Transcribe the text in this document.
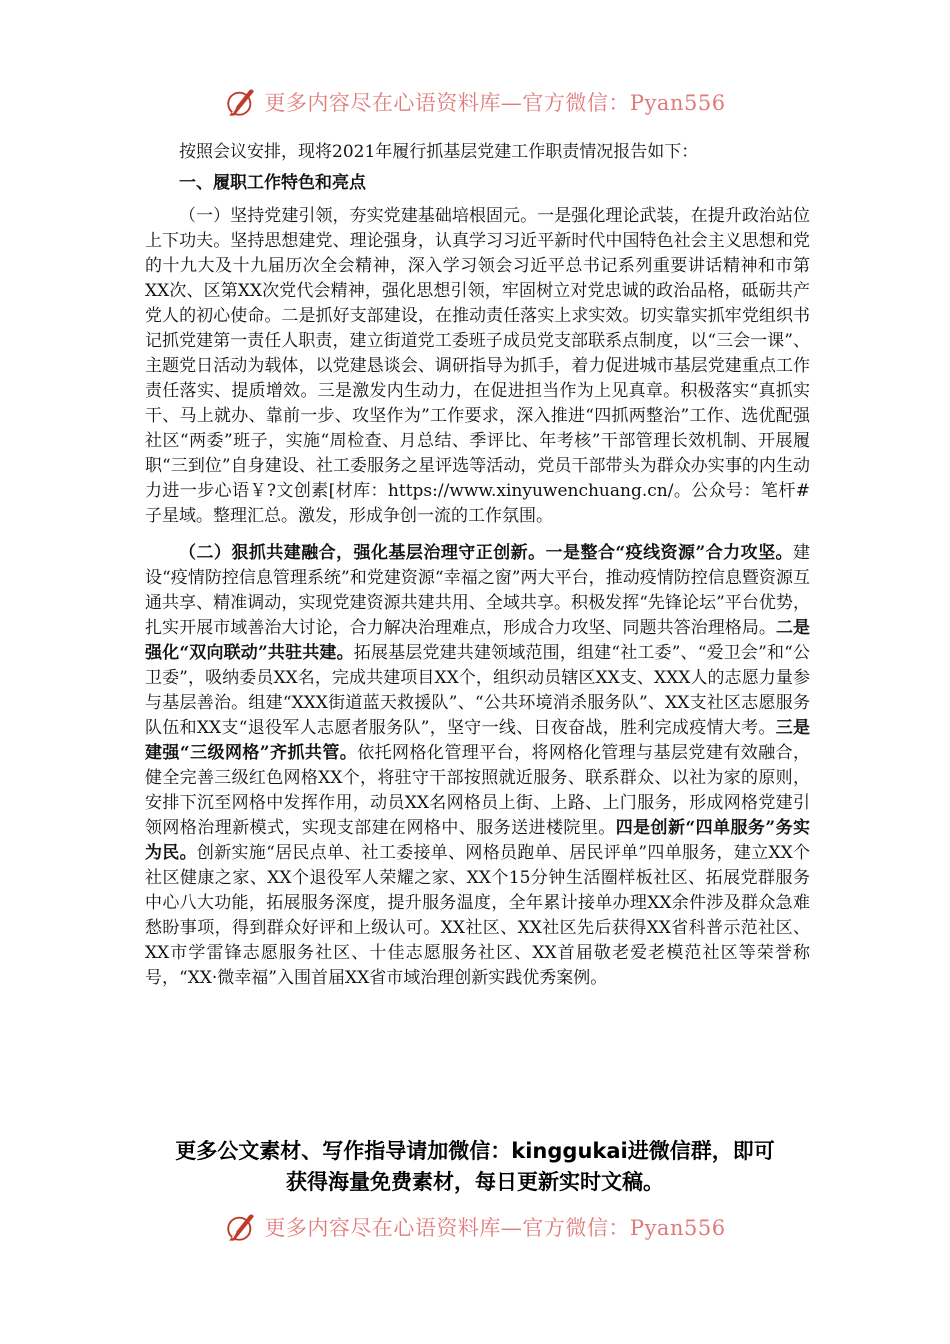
更多内容尽在心语资料库—官方微信：Pyan556

按照会议安排，现将2021年履行抓基层党建工作职责情况报告如下：

一、履职工作特色和亮点

（一）坚持党建引领，夯实党建基础培根固元。一是强化理论武装，在提升政治站位上下功夫。坚持思想建党、理论强身，认真学习习近平新时代中国特色社会主义思想和党的十九大及十九届历次全会精神，深入学习领会习近平总书记系列重要讲话精神和市第XX次、区第XX次党代会精神，强化思想引领，牢固树立对党忠诚的政治品格，砥砺共产党人的初心使命。二是抓好支部建设，在推动责任落实上求实效。切实靠实抓牢党组织书记抓党建第一责任人职责，建立街道党工委班子成员党支部联系点制度，以“三会一课”、主题党日活动为载体，以党建恳谈会、调研指导为抓手，着力促进城市基层党建重点工作责任落实、提质增效。三是激发内生动力，在促进担当作为上见真章。积极落实“真抓实干、马上就办、靠前一步、攻坚作为”工作要求，深入推进“四抓两整治”工作、选优配强社区“两委”班子，实施“周检查、月总结、季评比、年考核”干部管理长效机制、开展履职“三到位”自身建设、社工委服务之星评选等活动，党员干部带头为群众办实事的内生动力进一步心语￥?文创素[材库：https://www.xinyuwenchuang.cn/。公众号：笔杆#子星域。整理汇总。激发，形成争创一流的工作氛围。

（二）狠抓共建融合，强化基层治理守正创新。一是整合“疫线资源”合力攻坚。建设“疫情防控信息管理系统”和党建资源“幸福之窗”两大平台，推动疫情防控信息暨资源互通共享、精准调动，实现党建资源共建共用、全域共享。积极发挥“先锋论坛”平台优势，扎实开展市域善治大讨论，合力解决治理难点，形成合力攻坚、同题共答治理格局。二是强化“双向联动”共驻共建。拓展基层党建共建领域范围，组建“社工委”、“爱卫会”和“公卫委”，吸纳委员XX名，完成共建项目XX个，组织动员辖区XX支、XXX人的志愿力量参与基层善治。组建“XXX街道蓝天救援队”、“公共环境消杀服务队”、XX支社区志愿服务队伍和XX支“退役军人志愿者服务队”，坚守一线、日夜奋战，胜利完成疫情大考。三是建强“三级网格”齐抓共管。依托网格化管理平台，将网格化管理与基层党建有效融合，健全完善三级红色网格XX个，将驻守干部按照就近服务、联系群众、以社为家的原则，安排下沉至网格中发挥作用，动员XX名网格员上街、上路、上门服务，形成网格党建引领网格治理新模式，实现支部建在网格中、服务送进楼院里。四是创新“四单服务”务实为民。创新实施“居民点单、社工委接单、网格员跑单、居民评单”四单服务，建立XX个社区健康之家、XX个退役军人荣耀之家、XX个15分钟生活圈样板社区、拓展党群服务中心八大功能，拓展服务深度，提升服务温度，全年累计接单办理XX余件涉及群众急难愁盼事项，得到群众好评和上级认可。XX社区、XX社区先后获得XX省科普示范社区、XX市学雷锋志愿服务社区、十佳志愿服务社区、XX首届敬老爱老模范社区等荣誉称号，“XX·微幸福”入围首届XX省市域治理创新实践优秀案例。

更多公文素材、写作指导请加微信：kinggukai进微信群，即可
获得海量免费素材，每日更新实时文稿。
更多内容尽在心语资料库—官方微信：Pyan556
